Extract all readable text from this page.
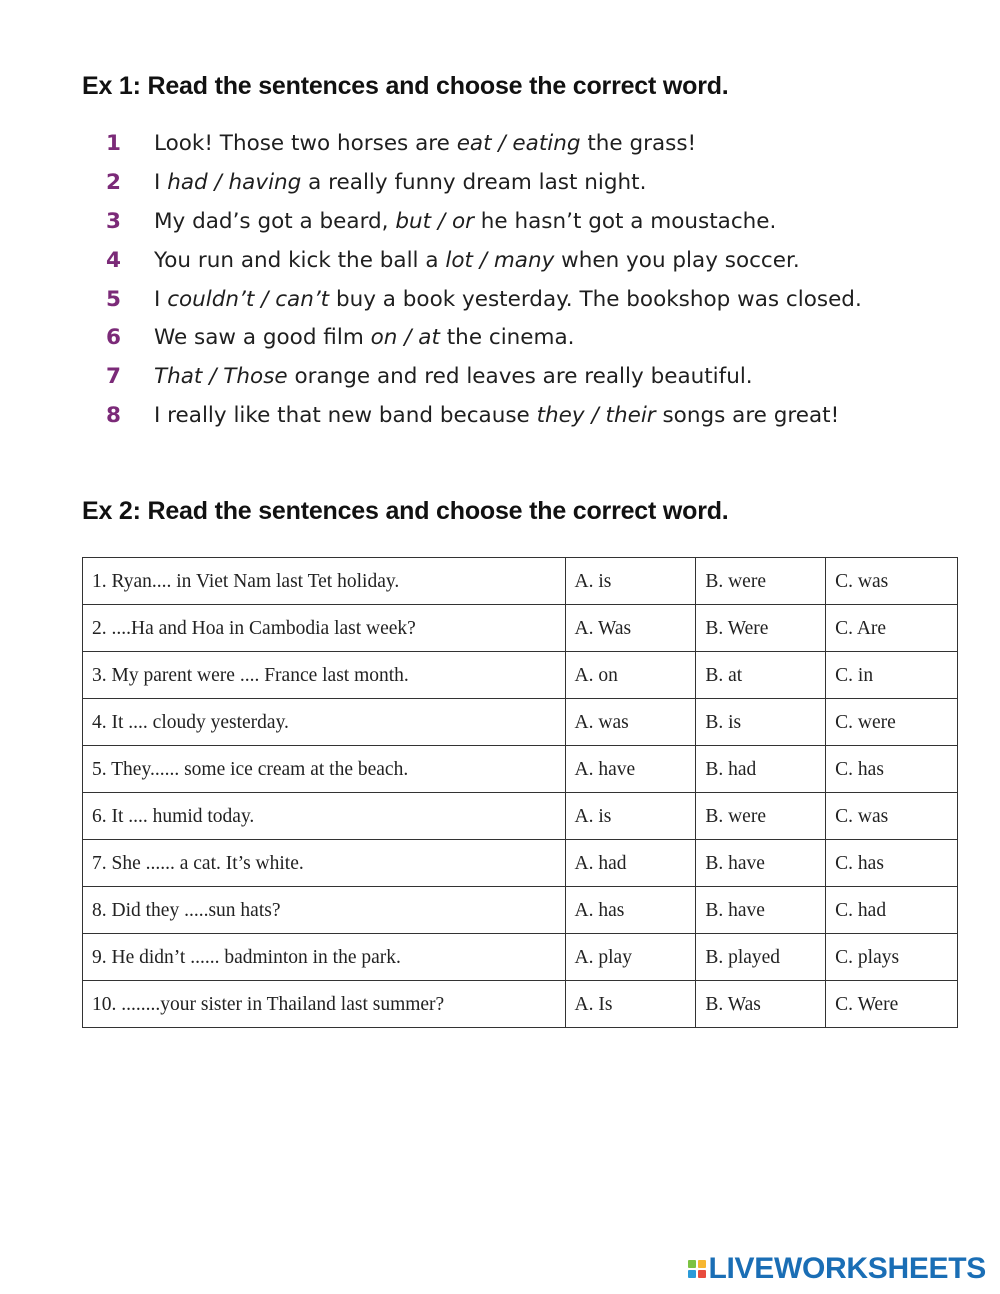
Ex 1: Read the sentences and choose the correct word.
1	Look! Those two horses are eat / eating the grass!
2	I had / having a really funny dream last night.
3	My dad’s got a beard, but / or he hasn’t got a moustache.
4	You run and kick the ball a lot / many when you play soccer.
5	I couldn’t / can’t buy a book yesterday. The bookshop was closed.
6	We saw a good film on / at the cinema.
7	That / Those orange and red leaves are really beautiful.
8	I really like that new band because they / their songs are great!
Ex 2: Read the sentences and choose the correct word.
1. Ryan.... in Viet Nam last Tet holiday.	A. is	B. were	C. was
2. ....Ha and Hoa in Cambodia last week?	A. Was	B. Were	C. Are
3. My parent were .... France last month.	A. on	B. at	C. in
4. It .... cloudy yesterday.	A. was	B. is	C. were
5. They...... some ice cream at the beach.	A. have	B. had	C. has
6. It .... humid today.	A. is	B. were	C. was
7. She ...... a cat. It’s white.	A. had	B. have	C. has
8. Did they .....sun hats?	A. has	B. have	C. had
9. He didn’t ...... badminton in the park.	A. play	B. played	C. plays
10. ........your sister in Thailand last summer?	A. Is	B. Was	C. Were
LIVEWORKSHEETS
